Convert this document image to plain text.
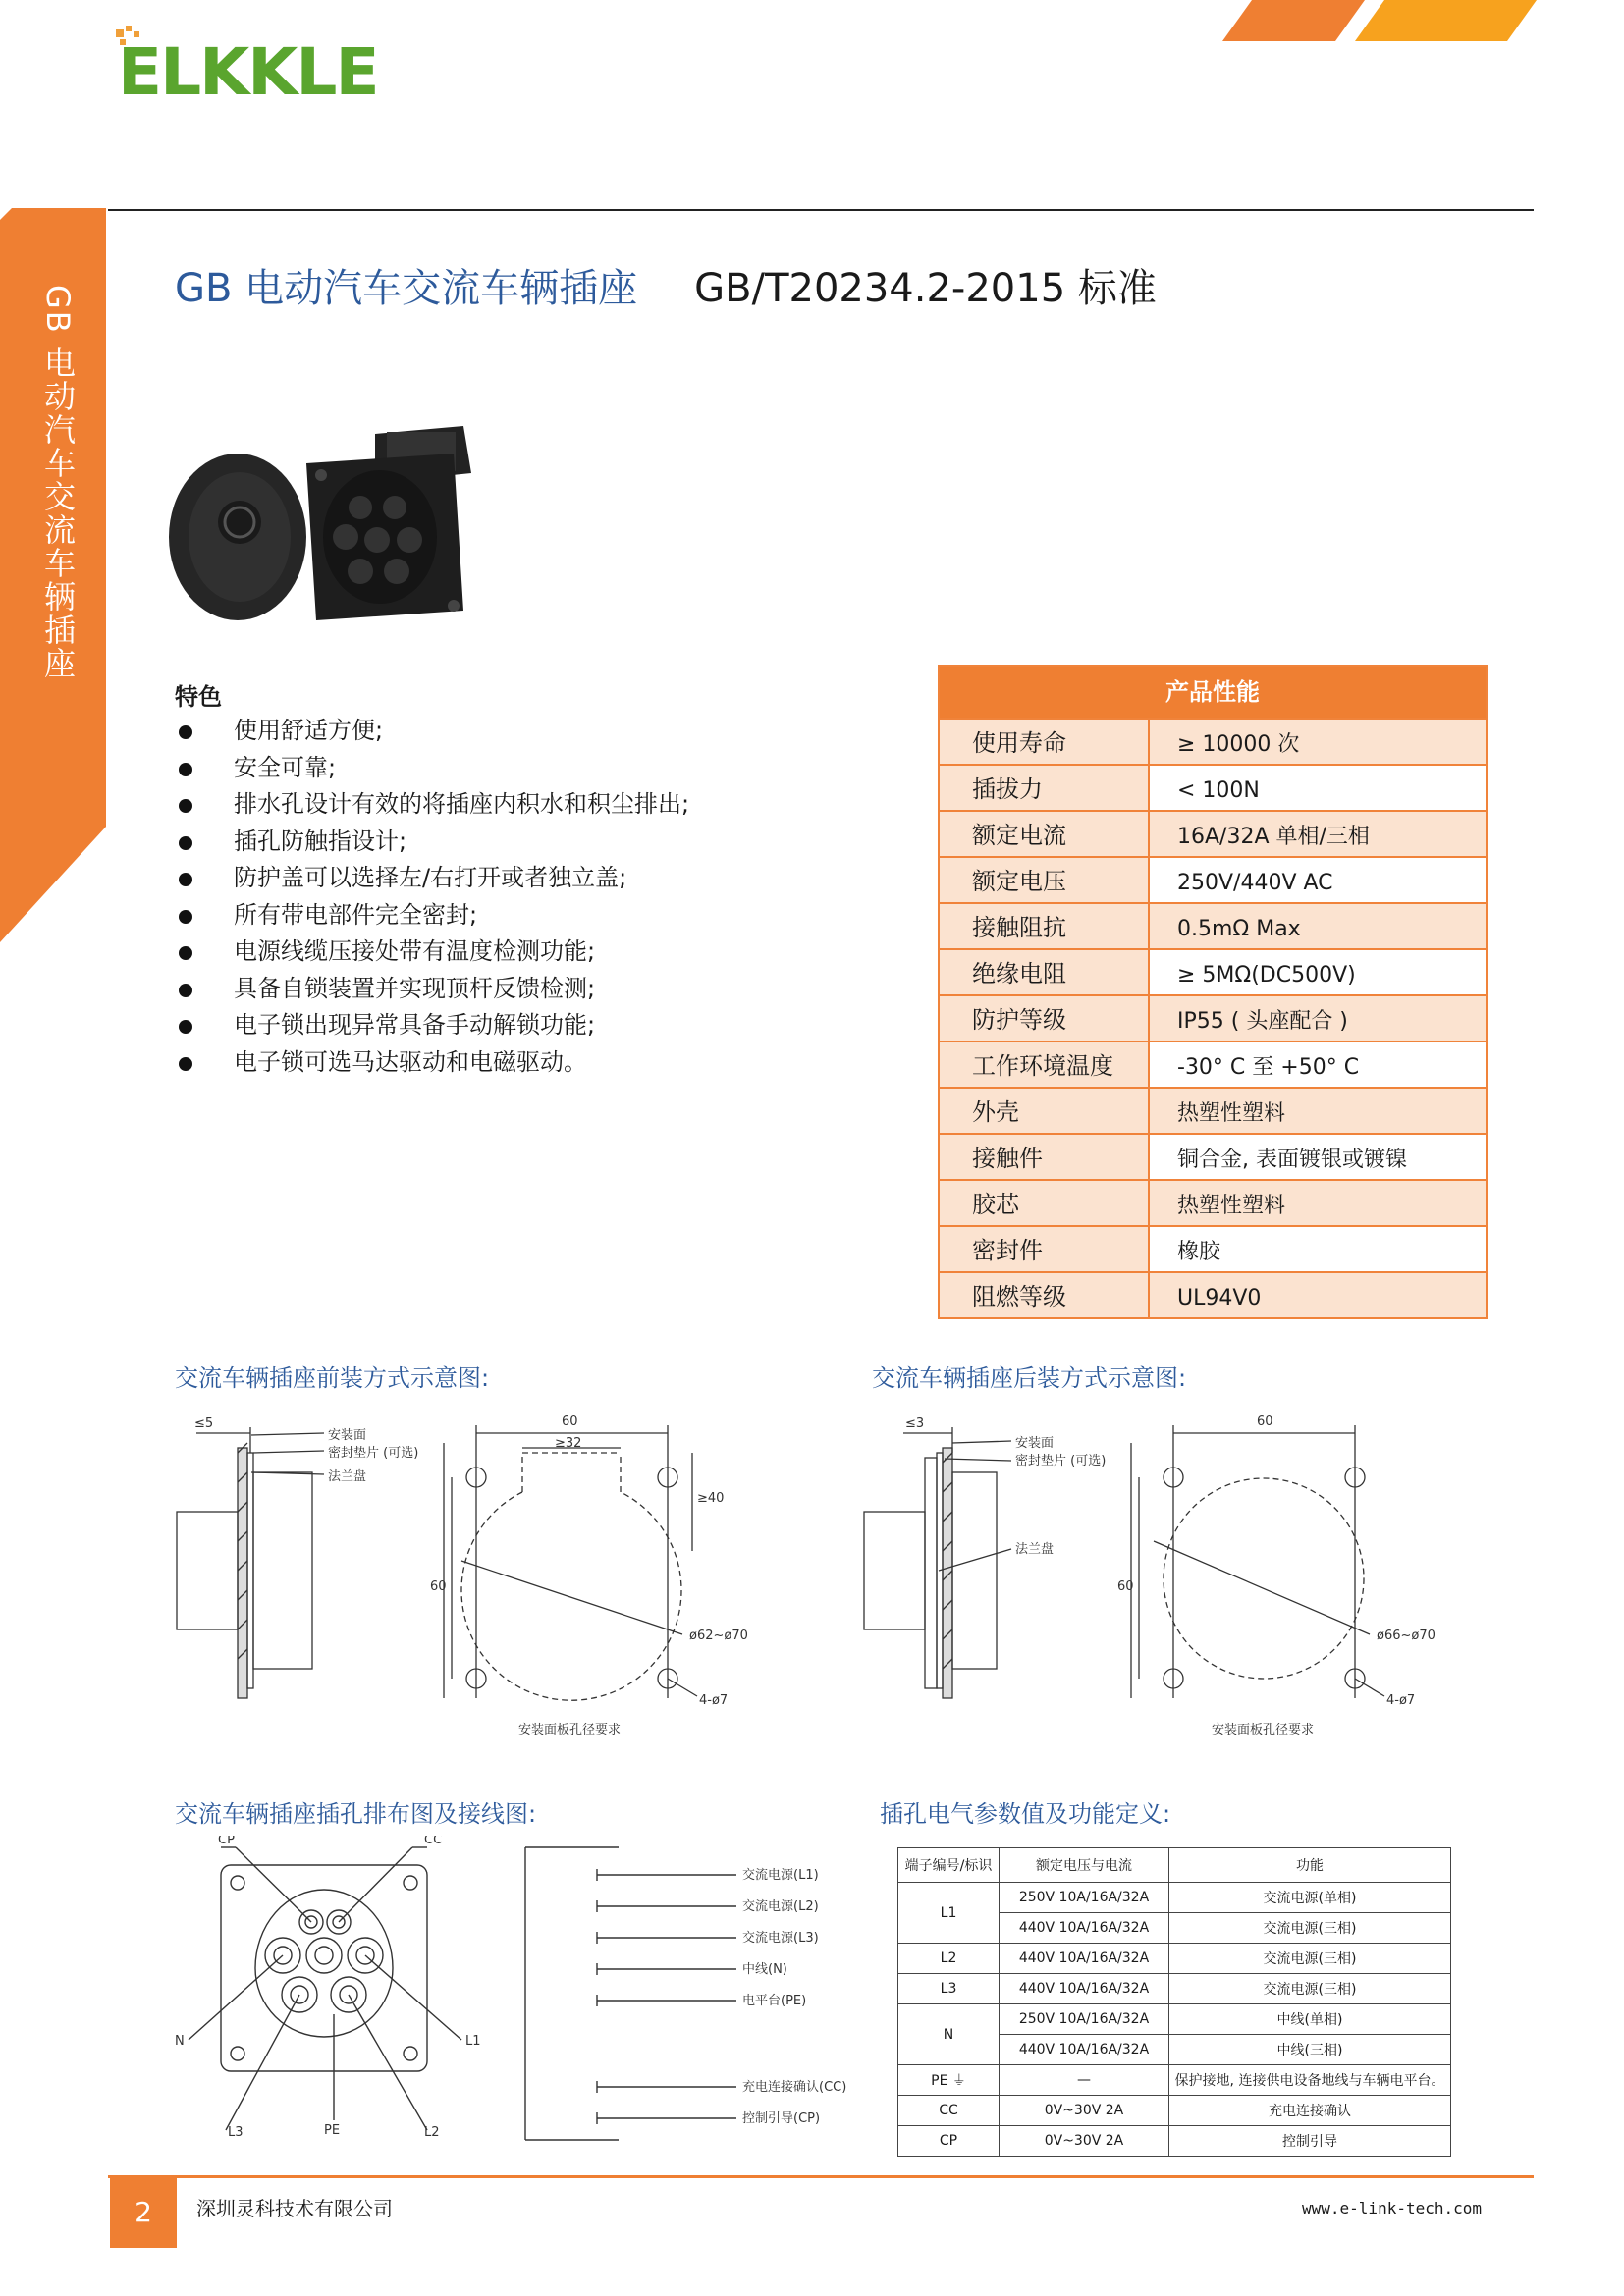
ELKKLE
GB 电动汽车交流车辆插座	GB 电动汽车交流车辆插座 GB/T20234.2-2015 标准
特色
使用舒适方便;
安全可靠;
排水孔设计有效的将插座内积水和积尘排出;
插孔防触指设计;
防护盖可以选择左/右打开或者独立盖;
所有带电部件完全密封;
电源线缆压接处带有温度检测功能;
具备自锁装置并实现顶杆反馈检测;
电子锁出现异常具备手动解锁功能;
电子锁可选马达驱动和电磁驱动。
产品性能
使用寿命	≥ 10000 次
插拔力	< 100N
额定电流	16A/32A 单相/三相
额定电压	250V/440V AC
接触阻抗	0.5mΩ Max
绝缘电阻	≥ 5MΩ(DC500V)
防护等级	IP55 ( 头座配合 )
工作环境温度	-30° C 至 +50° C
外壳	热塑性塑料
接触件	铜合金, 表面镀银或镀镍
胶芯	热塑性塑料
密封件	橡胶
阻燃等级	UL94V0
交流车辆插座前装方式示意图:	交流车辆插座后装方式示意图:
交流车辆插座插孔排布图及接线图:	插孔电气参数值及功能定义:
≤5
安装面
密封垫片 (可选)
法兰盘
60
≥32
≥40
60
ø62~ø70
4-ø7
安装面板孔径要求
≤3
安装面
密封垫片 (可选)
法兰盘
60
60
ø66~ø70
4-ø7
安装面板孔径要求
CP	CC
N	L1
L3	PE	L2
交流电源(L1)
交流电源(L2)
交流电源(L3)
中线(N)
电平台(PE)
充电连接确认(CC)
控制引导(CP)
端子编号/标识	额定电压与电流	功能
L1	250V 10A/16A/32A	交流电源(单相)
	440V 10A/16A/32A	交流电源(三相)
L2	440V 10A/16A/32A	交流电源(三相)
L3	440V 10A/16A/32A	交流电源(三相)
N	250V 10A/16A/32A	中线(单相)
	440V 10A/16A/32A	中线(三相)
PE ⏚	—	保护接地, 连接供电设备地线与车辆电平台。
CC	0V~30V 2A	充电连接确认
CP	0V~30V 2A	控制引导
2	深圳灵科技术有限公司	www.e-link-tech.com
